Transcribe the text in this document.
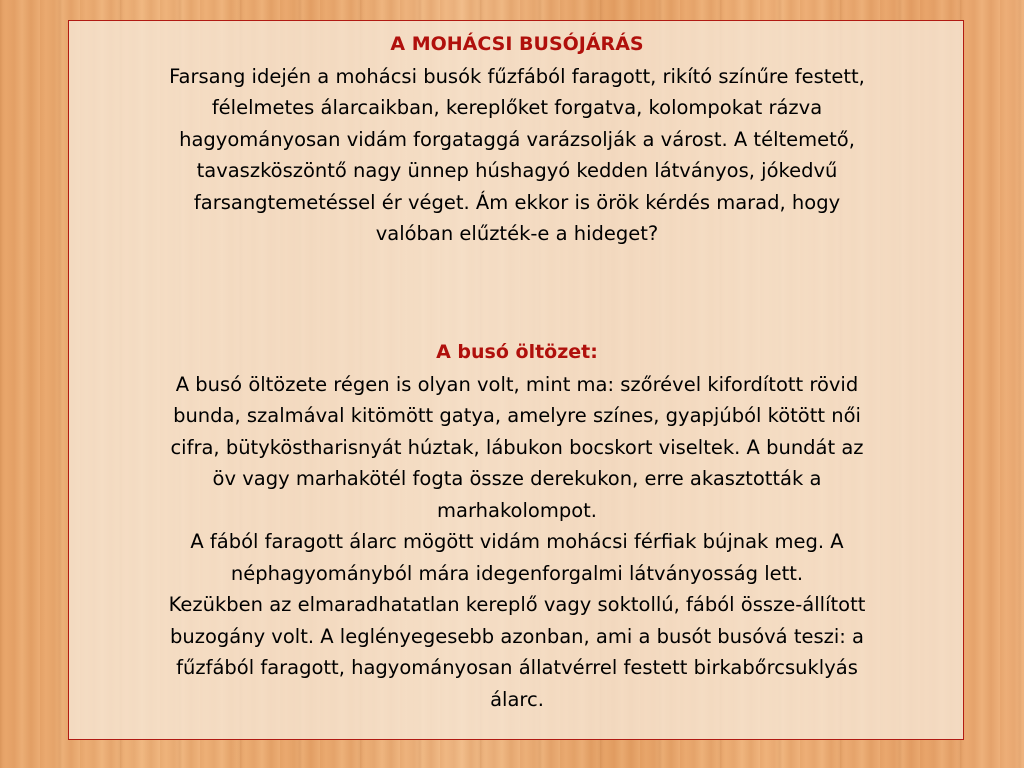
A MOHÁCSI BUSÓJÁRÁS
Farsang idején a mohácsi busók fűzfából faragott, rikító színűre festett,
félelmetes álarcaikban, kereplőket forgatva, kolompokat rázva
hagyományosan vidám forgataggá varázsolják a várost. A téltemető,
tavaszköszöntő nagy ünnep húshagyó kedden látványos, jókedvű
farsangtemetéssel ér véget. Ám ekkor is örök kérdés marad, hogy
valóban elűzték-e a hideget?
A busó öltözet:
A busó öltözete régen is olyan volt, mint ma: szőrével kifordított rövid
bunda, szalmával kitömött gatya, amelyre színes, gyapjúból kötött női
cifra, bütyköstharisnyát húztak, lábukon bocskort viseltek. A bundát az
öv vagy marhakötél fogta össze derekukon, erre akasztották a
marhakolompot.
A fából faragott álarc mögött vidám mohácsi férfiak bújnak meg. A
néphagyományból mára idegenforgalmi látványosság lett.
Kezükben az elmaradhatatlan kereplő vagy soktollú, fából össze-állított
buzogány volt. A leglényegesebb azonban, ami a busót busóvá teszi: a
fűzfából faragott, hagyományosan állatvérrel festett birkabőrcsuklyás
álarc.
